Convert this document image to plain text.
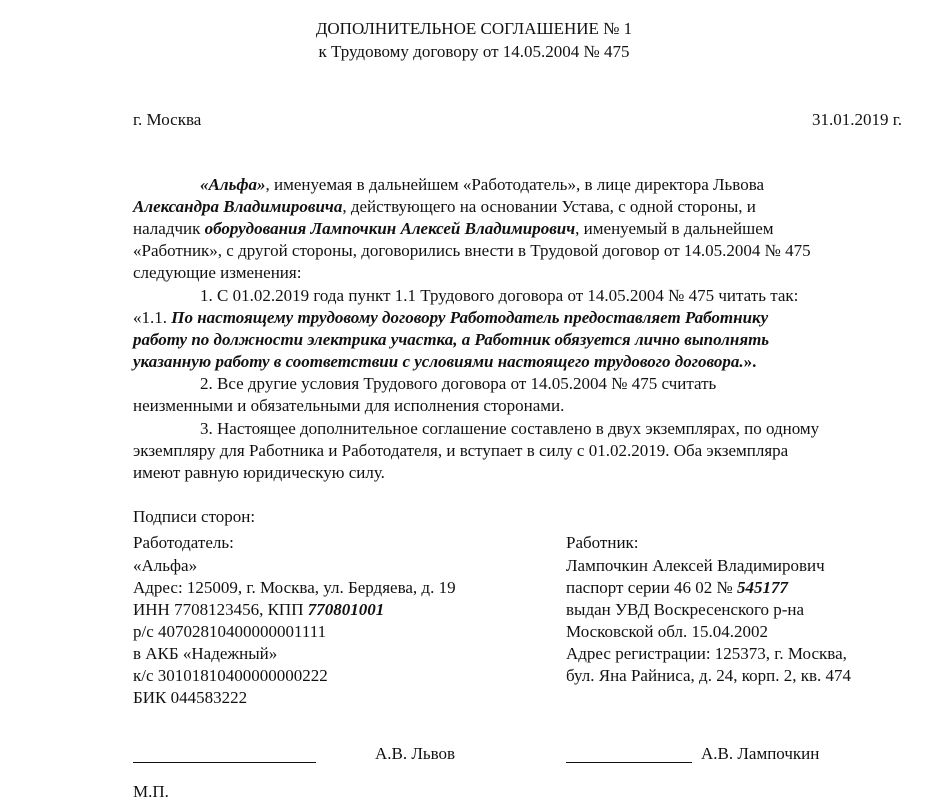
ДОПОЛНИТЕЛЬНОЕ СОГЛАШЕНИЕ № 1
к Трудовому договору от 14.05.2004 № 475
г. Москва	31.01.2019 г.
«Альфа», именуемая в дальнейшем «Работодатель», в лице директора Львова
Александра Владимировича, действующего на основании Устава, с одной стороны, и
наладчик оборудования Лампочкин Алексей Владимирович, именуемый в дальнейшем
«Работник», с другой стороны, договорились внести в Трудовой договор от 14.05.2004 № 475
следующие изменения:
1. С 01.02.2019 года пункт 1.1 Трудового договора от 14.05.2004 № 475 читать так:
«1.1. По настоящему трудовому договору Работодатель предоставляет Работнику
работу по должности электрика участка, а Работник обязуется лично выполнять
указанную работу в соответствии с условиями настоящего трудового договора.».
2. Все другие условия Трудового договора от 14.05.2004 № 475 считать
неизменными и обязательными для исполнения сторонами.
3. Настоящее дополнительное соглашение составлено в двух экземплярах, по одному
экземпляру для Работника и Работодателя, и вступает в силу с 01.02.2019. Оба экземпляра
имеют равную юридическую силу.
Подписи сторон:
Работодатель:
«Альфа»
Адрес: 125009, г. Москва, ул. Бердяева, д. 19
ИНН 7708123456, КПП 770801001
р/с 40702810400000001111
в АКБ «Надежный»
к/с 30101810400000000222
БИК 044583222
Работник:
Лампочкин Алексей Владимирович
паспорт серии 46 02 № 545177
выдан УВД Воскресенского р-на
Московской обл. 15.04.2002
Адрес регистрации: 125373, г. Москва,
бул. Яна Райниса, д. 24, корп. 2, кв. 474
А.В. Львов	А.В. Лампочкин
М.П.
